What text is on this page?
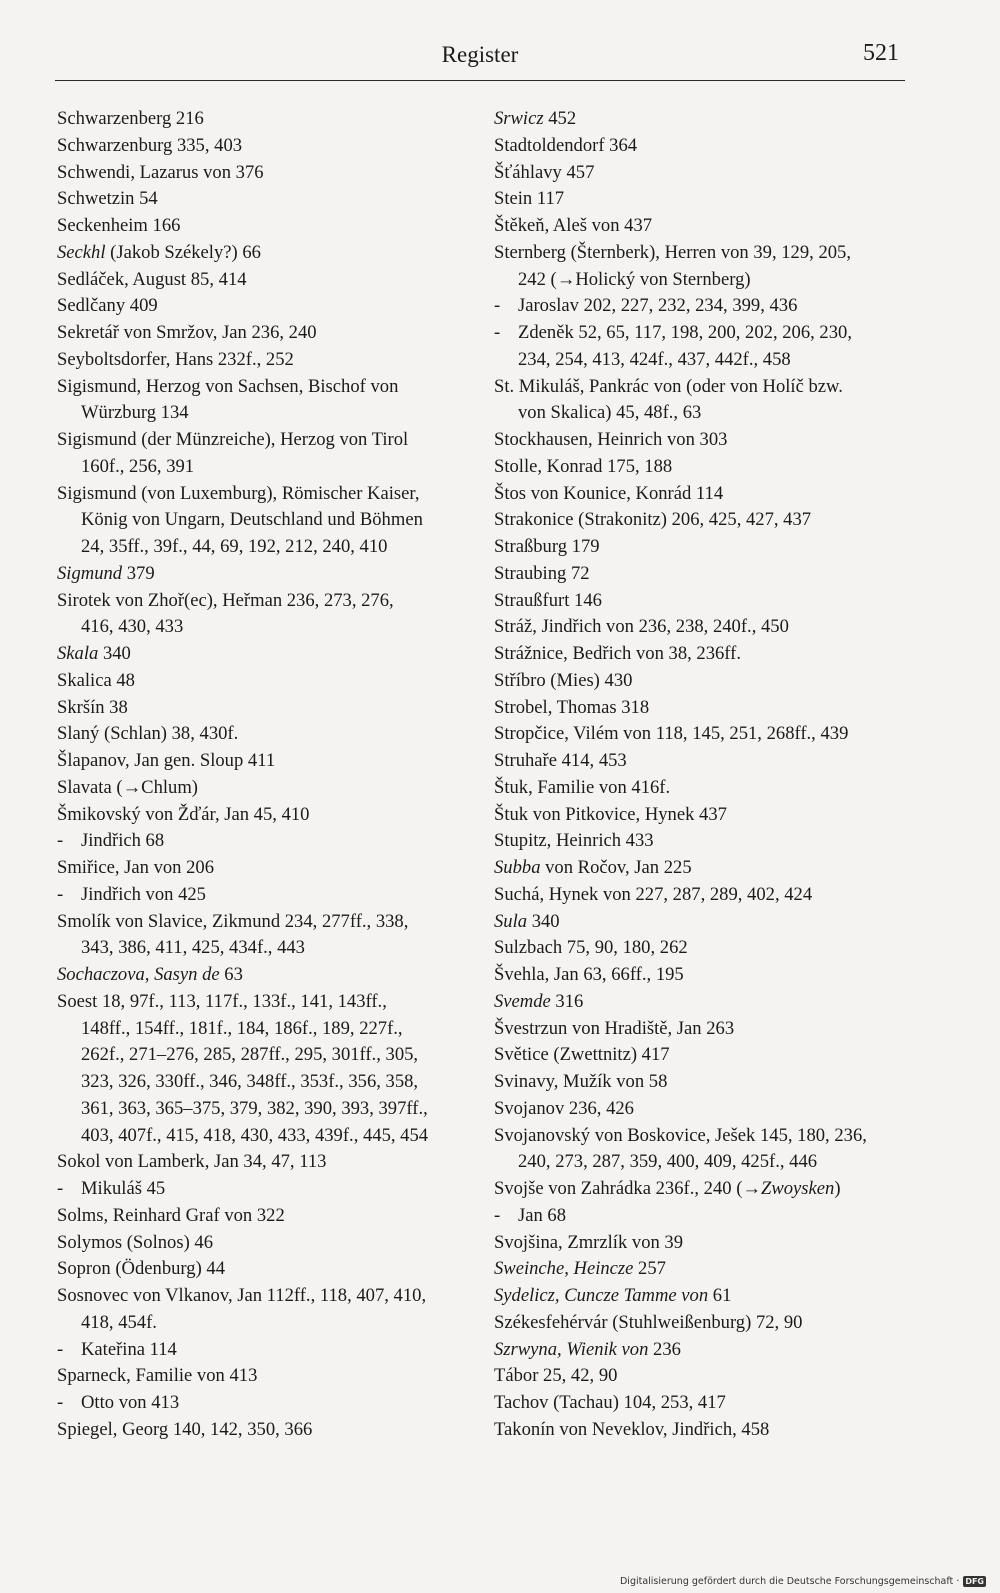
Register	521
Schwarzenberg 216
Schwarzenburg 335, 403
Schwendi, Lazarus von 376
Schwetzin 54
Seckenheim 166
Seckhl (Jakob Székely?) 66
Sedláček, August 85, 414
Sedlčany 409
Sekretář von Smržov, Jan 236, 240
Seyboltsdorfer, Hans 232f., 252
Sigismund, Herzog von Sachsen, Bischof von
Würzburg 134
Sigismund (der Münzreiche), Herzog von Tirol
160f., 256, 391
Sigismund (von Luxemburg), Römischer Kaiser,
König von Ungarn, Deutschland und Böhmen
24, 35ff., 39f., 44, 69, 192, 212, 240, 410
Sigmund 379
Sirotek von Zhoř(ec), Heřman 236, 273, 276,
416, 430, 433
Skala 340
Skalica 48
Skršín 38
Slaný (Schlan) 38, 430f.
Šlapanov, Jan gen. Sloup 411
Slavata (→Chlum)
Šmikovský von Žďár, Jan 45, 410
- Jindřich 68
Smiřice, Jan von 206
- Jindřich von 425
Smolík von Slavice, Zikmund 234, 277ff., 338,
343, 386, 411, 425, 434f., 443
Sochaczova, Sasyn de 63
Soest 18, 97f., 113, 117f., 133f., 141, 143ff.,
148ff., 154ff., 181f., 184, 186f., 189, 227f.,
262f., 271–276, 285, 287ff., 295, 301ff., 305,
323, 326, 330ff., 346, 348ff., 353f., 356, 358,
361, 363, 365–375, 379, 382, 390, 393, 397ff.,
403, 407f., 415, 418, 430, 433, 439f., 445, 454
Sokol von Lamberk, Jan 34, 47, 113
- Mikuláš 45
Solms, Reinhard Graf von 322
Solymos (Solnos) 46
Sopron (Ödenburg) 44
Sosnovec von Vlkanov, Jan 112ff., 118, 407, 410,
418, 454f.
- Kateřina 114
Sparneck, Familie von 413
- Otto von 413
Spiegel, Georg 140, 142, 350, 366
Srwicz 452
Stadtoldendorf 364
Šťáhlavy 457
Stein 117
Štěkeň, Aleš von 437
Sternberg (Šternberk), Herren von 39, 129, 205,
242 (→Holický von Sternberg)
- Jaroslav 202, 227, 232, 234, 399, 436
- Zdeněk 52, 65, 117, 198, 200, 202, 206, 230,
234, 254, 413, 424f., 437, 442f., 458
St. Mikuláš, Pankrác von (oder von Holíč bzw.
von Skalica) 45, 48f., 63
Stockhausen, Heinrich von 303
Stolle, Konrad 175, 188
Štos von Kounice, Konrád 114
Strakonice (Strakonitz) 206, 425, 427, 437
Straßburg 179
Straubing 72
Straußfurt 146
Stráž, Jindřich von 236, 238, 240f., 450
Strážnice, Bedřich von 38, 236ff.
Stříbro (Mies) 430
Strobel, Thomas 318
Stropčice, Vilém von 118, 145, 251, 268ff., 439
Struhaře 414, 453
Štuk, Familie von 416f.
Štuk von Pitkovice, Hynek 437
Stupitz, Heinrich 433
Subba von Ročov, Jan 225
Suchá, Hynek von 227, 287, 289, 402, 424
Sula 340
Sulzbach 75, 90, 180, 262
Švehla, Jan 63, 66ff., 195
Svemde 316
Švestrzun von Hradiště, Jan 263
Světice (Zwettnitz) 417
Svinavy, Mužík von 58
Svojanov 236, 426
Svojanovský von Boskovice, Ješek 145, 180, 236,
240, 273, 287, 359, 400, 409, 425f., 446
Svojše von Zahrádka 236f., 240 (→Zwoysken)
- Jan 68
Svojšina, Zmrzlík von 39
Sweinche, Heincze 257
Sydelicz, Cuncze Tamme von 61
Székesfehérvár (Stuhlweißenburg) 72, 90
Szrwyna, Wienik von 236
Tábor 25, 42, 90
Tachov (Tachau) 104, 253, 417
Takonín von Neveklov, Jindřich, 458
Digitalisierung gefördert durch die Deutsche Forschungsgemeinschaft · DFG
